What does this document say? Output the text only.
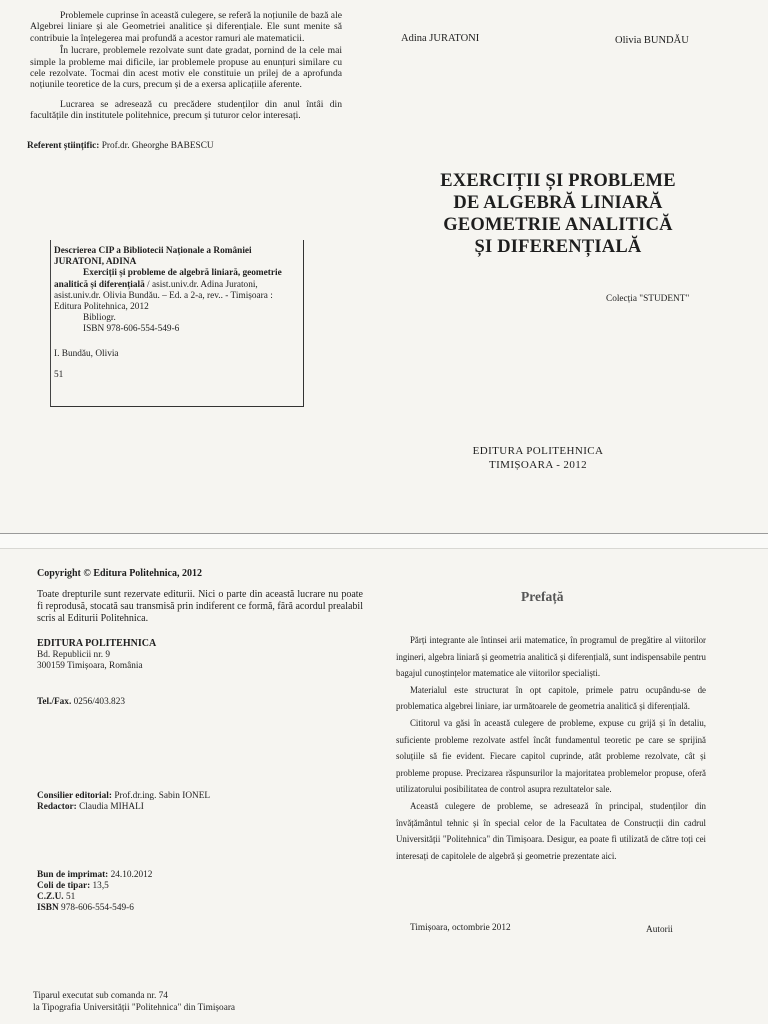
Problemele cuprinse în această culegere, se referă la noțiunile de bază ale Algebrei liniare și ale Geometriei analitice și diferențiale. Ele sunt menite să contribuie la înțelegerea mai profundă a acestor ramuri ale matematicii.

În lucrare, problemele rezolvate sunt date gradat, pornind de la cele mai simple la probleme mai dificile, iar problemele propuse au enunțuri similare cu cele rezolvate. Tocmai din acest motiv ele constituie un prilej de a aprofunda noțiunile teoretice de la curs, precum și de a exersa aplicațiile aferente.

Lucrarea se adresează cu precădere studenților din anul întâi din facultățile din institutele politehnice, precum și tuturor celor interesați.

Referent științific: Prof.dr. Gheorghe BABESCU
Descrierea CIP a Bibliotecii Naționale a României
JURATONI, ADINA
Exerciții și probleme de algebră liniară, geometrie
analitică și diferențială / asist.univ.dr. Adina Juratoni,
asist.univ.dr. Olivia Bundău. – Ed. a 2-a, rev.. - Timișoara :
Editura Politehnica, 2012
Bibliogr.
ISBN 978-606-554-549-6
I. Bundău, Olivia
51
Adina JURATONI	Olivia BUNDĂU
EXERCIȚII ȘI PROBLEME
DE ALGEBRĂ LINIARĂ
GEOMETRIE ANALITICĂ
ȘI DIFERENȚIALĂ
Colecția "STUDENT"
EDITURA POLITEHNICA
TIMIȘOARA - 2012
Copyright © Editura Politehnica, 2012

Toate drepturile sunt rezervate editurii. Nici o parte din această lucrare nu poate fi reprodusă, stocată sau transmisă prin indiferent ce formă, fără acordul prealabil scris al Editurii Politehnica.

EDITURA POLITEHNICA
Bd. Republicii nr. 9
300159 Timișoara, România
Tel./Fax. 0256/403.823
Consilier editorial: Prof.dr.ing. Sabin IONEL
Redactor: Claudia MIHALI
Bun de imprimat: 24.10.2012
Coli de tipar: 13,5
C.Z.U. 51
ISBN 978-606-554-549-6
Tiparul executat sub comanda nr. 74
la Tipografia Universității "Politehnica" din Timișoara
Prefață

Părți integrante ale întinsei arii matematice, în programul de pregătire al viitorilor ingineri, algebra liniară și geometria analitică și diferențială, sunt indispensabile pentru bagajul cunoștințelor matematice ale viitorilor specialiști.

Materialul este structurat în opt capitole, primele patru ocupându-se de problematica algebrei liniare, iar următoarele de geometria analitică și diferențială.

Cititorul va găsi în această culegere de probleme, expuse cu grijă și în detaliu, suficiente probleme rezolvate astfel încât fundamentul teoretic pe care se sprijină soluțiile să fie evident. Fiecare capitol cuprinde, atât probleme rezolvate, cât și probleme propuse. Precizarea răspunsurilor la majoritatea problemelor propuse, oferă utilizatorului posibilitatea de control asupra rezultatelor sale.

Această culegere de probleme, se adresează în principal, studenților din învățământul tehnic și în special celor de la Facultatea de Construcții din cadrul Universității "Politehnica" din Timișoara. Desigur, ea poate fi utilizată de către toți cei interesați de capitolele de algebră și geometrie prezentate aici.

Timișoara, octombrie 2012	Autorii
